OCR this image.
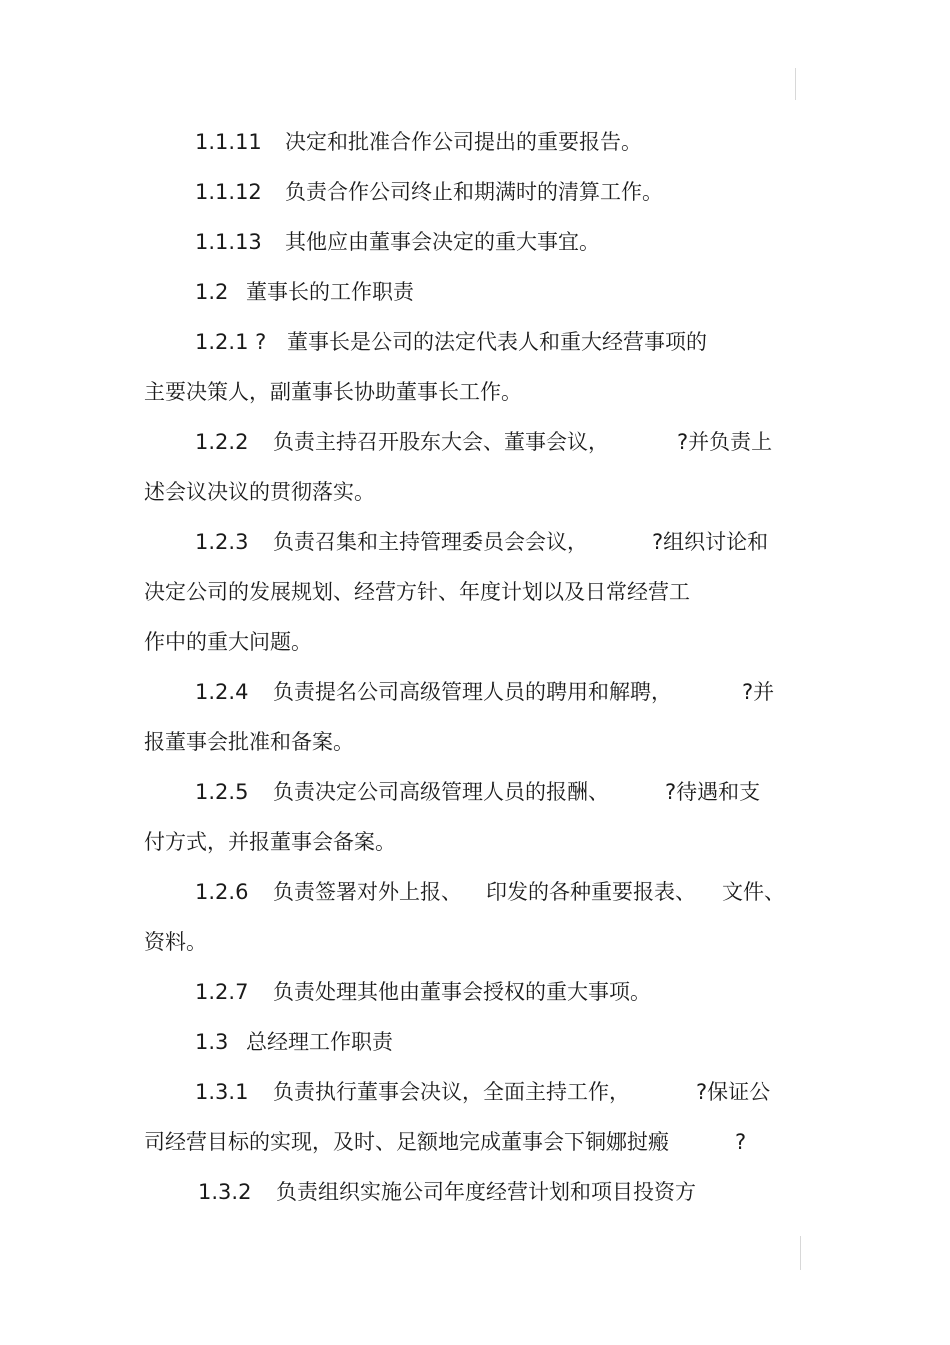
1.1.11 决定和批准合作公司提出的重要报告。
1.1.12 负责合作公司终止和期满时的清算工作。
1.1.13 其他应由董事会决定的重大事宜。
1.2 董事长的工作职责
1.2.1 ? 董事长是公司的法定代表人和重大经营事项的
主要决策人，副董事长协助董事长工作。
1.2.2 负责主持召开股东大会、董事会议，	?并负责上
述会议决议的贯彻落实。
1.2.3 负责召集和主持管理委员会会议，	?组织讨论和
决定公司的发展规划、经营方针、年度计划以及日常经营工
作中的重大问题。
1.2.4 负责提名公司高级管理人员的聘用和解聘，	?并
报董事会批准和备案。
1.2.5 负责决定公司高级管理人员的报酬、	?待遇和支
付方式，并报董事会备案。
1.2.6 负责签署对外上报、 印发的各种重要报表、 文件、
资料。
1.2.7 负责处理其他由董事会授权的重大事项。
1.3 总经理工作职责
1.3.1 负责执行董事会决议，全面主持工作，	?保证公
司经营目标的实现，及时、足额地完成董事会下铜娜挝瘢	?
1.3.2 负责组织实施公司年度经营计划和项目投资方
